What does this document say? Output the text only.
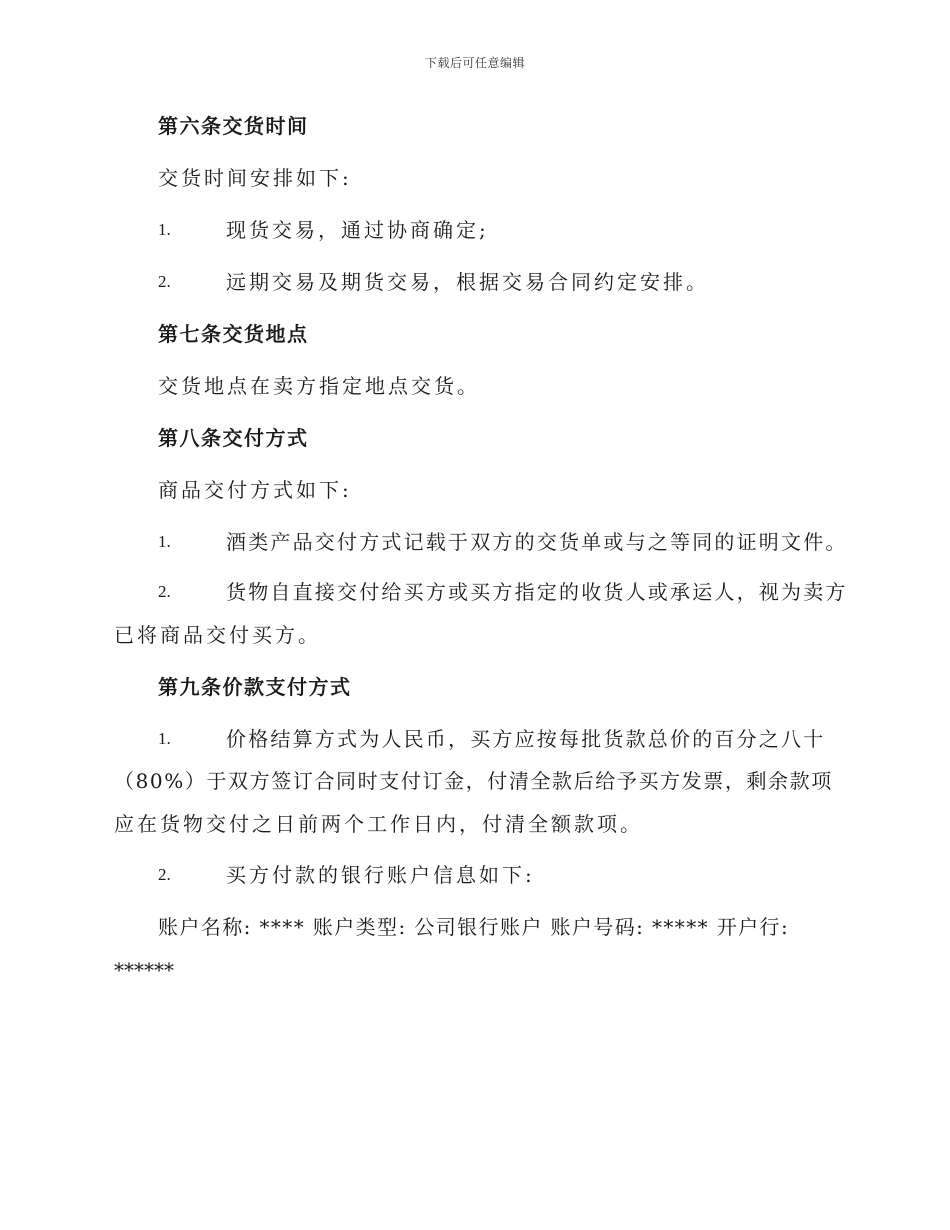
下载后可任意编辑
第六条交货时间
交货时间安排如下:
1.	现货交易，通过协商确定;
2.	远期交易及期货交易，根据交易合同约定安排。
第七条交货地点
交货地点在卖方指定地点交货。
第八条交付方式
商品交付方式如下:
1.	酒类产品交付方式记载于双方的交货单或与之等同的证明文件。
2.	货物自直接交付给买方或买方指定的收货人或承运人，视为卖方
已将商品交付买方。
第九条价款支付方式
1.	价格结算方式为人民币，买方应按每批货款总价的百分之八十
（80%）于双方签订合同时支付订金，付清全款后给予买方发票，剩余款项
应在货物交付之日前两个工作日内，付清全额款项。
2.	买方付款的银行账户信息如下:
账户名称: **** 账户类型: 公司银行账户 账户号码: ***** 开户行:
******
